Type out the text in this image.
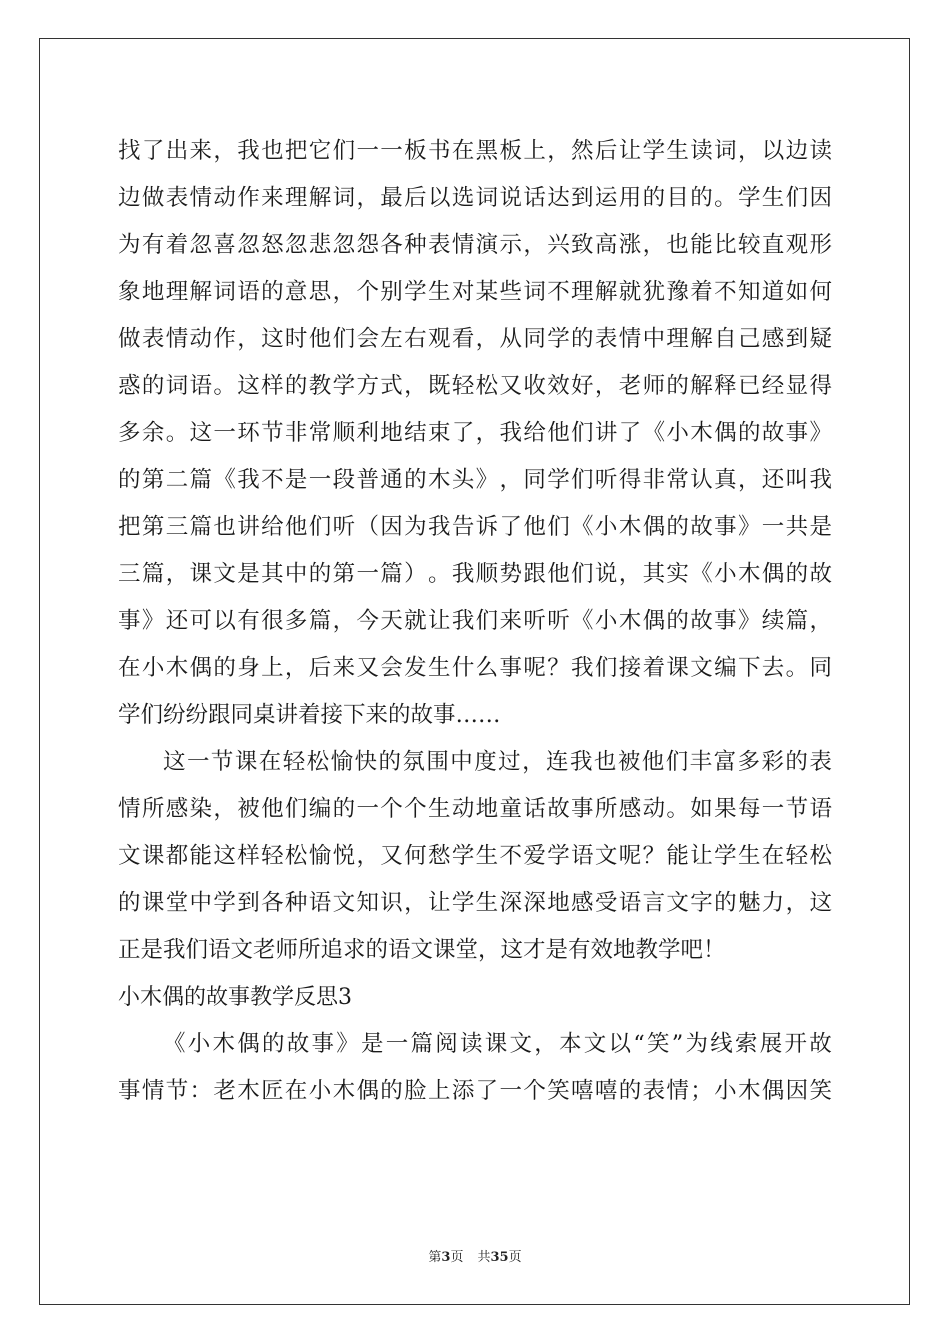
找 了 出 来 ， 我 也 把 它 们 一 一 板 书 在 黑 板 上 ， 然 后 让 学 生 读 词 ， 以 边 读
边 做 表 情 动 作 来 理 解 词 ， 最 后 以 选 词 说 话 达 到 运 用 的 目 的 。 学 生 们 因
为 有 着 忽 喜 忽 怒 忽 悲 忽 怨 各 种 表 情 演 示 ， 兴 致 高 涨 ， 也 能 比 较 直 观 形
象 地 理 解 词 语 的 意 思 ， 个 别 学 生 对 某 些 词 不 理 解 就 犹 豫 着 不 知 道 如 何
做 表 情 动 作 ， 这 时 他 们 会 左 右 观 看 ， 从 同 学 的 表 情 中 理 解 自 己 感 到 疑
惑 的 词 语 。 这 样 的 教 学 方 式 ， 既 轻 松 又 收 效 好 ， 老 师 的 解 释 已 经 显 得
多 余 。 这 一 环 节 非 常 顺 利 地 结 束 了 ， 我 给 他 们 讲 了 《 小 木 偶 的 故 事 》
的 第 二 篇 《 我 不 是 一 段 普 通 的 木 头 》 ， 同 学 们 听 得 非 常 认 真 ， 还 叫 我
把 第 三 篇 也 讲 给 他 们 听 （ 因 为 我 告 诉 了 他 们 《 小 木 偶 的 故 事 》 一 共 是
三 篇 ， 课 文 是 其 中 的 第 一 篇 ） 。 我 顺 势 跟 他 们 说 ， 其 实 《 小 木 偶 的 故
事 》 还 可 以 有 很 多 篇 ， 今 天 就 让 我 们 来 听 听 《 小 木 偶 的 故 事 》 续 篇 ，
在 小 木 偶 的 身 上 ， 后 来 又 会 发 生 什 么 事 呢 ？ 我 们 接 着 课 文 编 下 去 。 同
学们纷纷跟同桌讲着接下来的故事……
这 一 节 课 在 轻 松 愉 快 的 氛 围 中 度 过 ， 连 我 也 被 他 们 丰 富 多 彩 的 表
情 所 感 染 ， 被 他 们 编 的 一 个 个 生 动 地 童 话 故 事 所 感 动 。 如 果 每 一 节 语
文 课 都 能 这 样 轻 松 愉 悦 ， 又 何 愁 学 生 不 爱 学 语 文 呢 ？ 能 让 学 生 在 轻 松
的 课 堂 中 学 到 各 种 语 文 知 识 ， 让 学 生 深 深 地 感 受 语 言 文 字 的 魅 力 ， 这
正是我们语文老师所追求的语文课堂，这才是有效地教学吧！
小木偶的故事教学反思3
《 小 木 偶 的 故 事 》 是 一 篇 阅 读 课 文 ， 本 文 以 “ 笑 ” 为 线 索 展 开 故
事 情 节 ： 老 木 匠 在 小 木 偶 的 脸 上 添 了 一 个 笑 嘻 嘻 的 表 情 ； 小 木 偶 因 笑
第3页 共35页
